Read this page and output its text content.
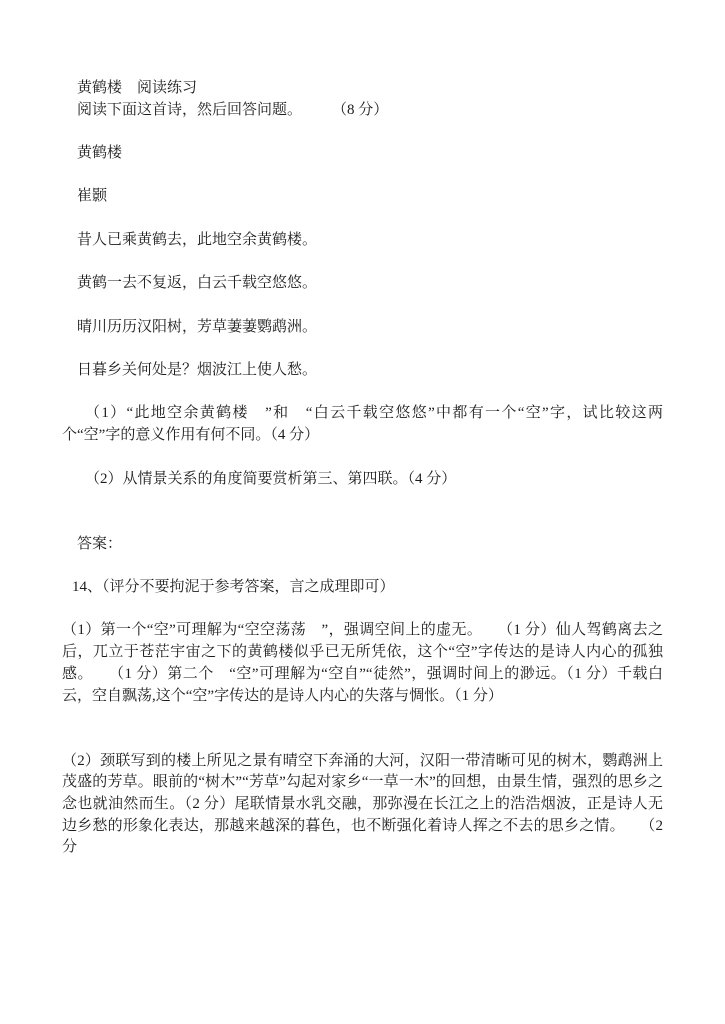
黄鹤楼　阅读练习

阅读下面这首诗，然后回答问题。　　　（8 分）

黄鹤楼

崔颢

昔人已乘黄鹤去，此地空余黄鹤楼。

黄鹤一去不复返，白云千载空悠悠。

晴川历历汉阳树，芳草萋萋鹦鹉洲。

日暮乡关何处是？烟波江上使人愁。

（1）“此地空余黄鹤楼　”和　“白云千载空悠悠”中都有一个“空”字，试比较这两个“空”字的意义作用有何不同。（4 分）

（2）从情景关系的角度简要赏析第三、第四联。（4 分）

答案：

14、（评分不要拘泥于参考答案，言之成理即可）

（1）第一个“空”可理解为“空空荡荡　”，强调空间上的虚无。　　（1 分）仙人驾鹤离去之后，兀立于苍茫宇宙之下的黄鹤楼似乎已无所凭依，这个“空”字传达的是诗人内心的孤独感。　　（1 分）第二个　“空”可理解为“空自”“徒然”，强调时间上的渺远。（1 分）千载白云，空自飘荡,这个“空”字传达的是诗人内心的失落与惆怅。（1 分）

（2）颈联写到的楼上所见之景有晴空下奔涌的大河，汉阳一带清晰可见的树木，鹦鹉洲上茂盛的芳草。眼前的“树木”“芳草”勾起对家乡“一草一木”的回想，由景生情，强烈的思乡之念也就油然而生。（2 分）尾联情景水乳交融，那弥漫在长江之上的浩浩烟波，正是诗人无边乡愁的形象化表达，那越来越深的暮色，也不断强化着诗人挥之不去的思乡之情。　　（2 分
